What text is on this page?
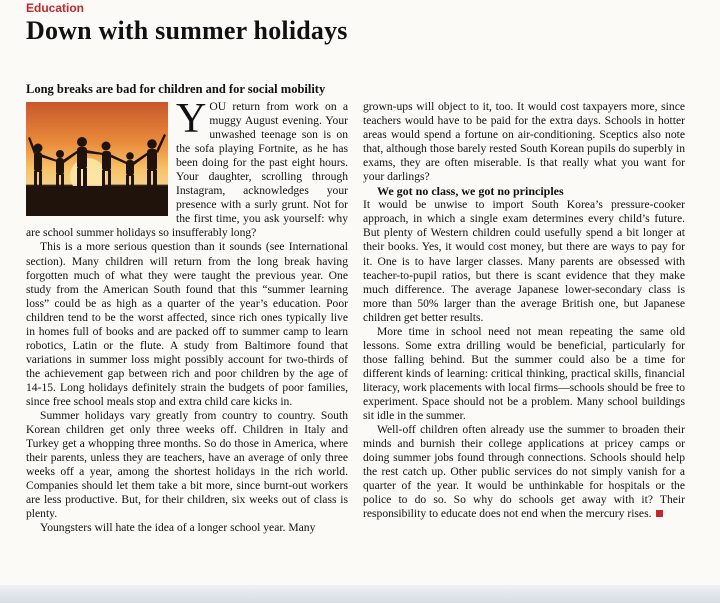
Education
Down with summer holidays
Long breaks are bad for children and for social mobility

YOU return from work on a muggy August evening. Your unwashed teenage son is on the sofa playing Fortnite, as he has been doing for the past eight hours. Your daughter, scrolling through Instagram, acknowledges your presence with a surly grunt. Not for the first time, you ask yourself: why are school summer holidays so insufferably long?

This is a more serious question than it sounds (see International section). Many children will return from the long break having forgotten much of what they were taught the previous year. One study from the American South found that this “summer learning loss” could be as high as a quarter of the year’s education. Poor children tend to be the worst affected, since rich ones typically live in homes full of books and are packed off to summer camp to learn robotics, Latin or the flute. A study from Baltimore found that variations in summer loss might possibly account for two-thirds of the achievement gap between rich and poor children by the age of 14-15. Long holidays definitely strain the budgets of poor families, since free school meals stop and extra child care kicks in.

Summer holidays vary greatly from country to country. South Korean children get only three weeks off. Children in Italy and Turkey get a whopping three months. So do those in America, where their parents, unless they are teachers, have an average of only three weeks off a year, among the shortest holidays in the rich world. Companies should let them take a bit more, since burnt-out workers are less productive. But, for their children, six weeks out of class is plenty.

Youngsters will hate the idea of a longer school year. Many

grown-ups will object to it, too. It would cost taxpayers more, since teachers would have to be paid for the extra days. Schools in hotter areas would spend a fortune on air-conditioning. Sceptics also note that, although those barely rested South Korean pupils do superbly in exams, they are often miserable. Is that really what you want for your darlings?

We got no class, we got no principles

It would be unwise to import South Korea’s pressure-cooker approach, in which a single exam determines every child’s future. But plenty of Western children could usefully spend a bit longer at their books. Yes, it would cost money, but there are ways to pay for it. One is to have larger classes. Many parents are obsessed with teacher-to-pupil ratios, but there is scant evidence that they make much difference. The average Japanese lower-secondary class is more than 50% larger than the average British one, but Japanese children get better results.

More time in school need not mean repeating the same old lessons. Some extra drilling would be beneficial, particularly for those falling behind. But the summer could also be a time for different kinds of learning: critical thinking, practical skills, financial literacy, work placements with local firms—schools should be free to experiment. Space should not be a problem. Many school buildings sit idle in the summer.

Well-off children often already use the summer to broaden their minds and burnish their college applications at pricey camps or doing summer jobs found through connections. Schools should help the rest catch up. Other public services do not simply vanish for a quarter of the year. It would be unthinkable for hospitals or the police to do so. So why do schools get away with it? Their responsibility to educate does not end when the mercury rises.
